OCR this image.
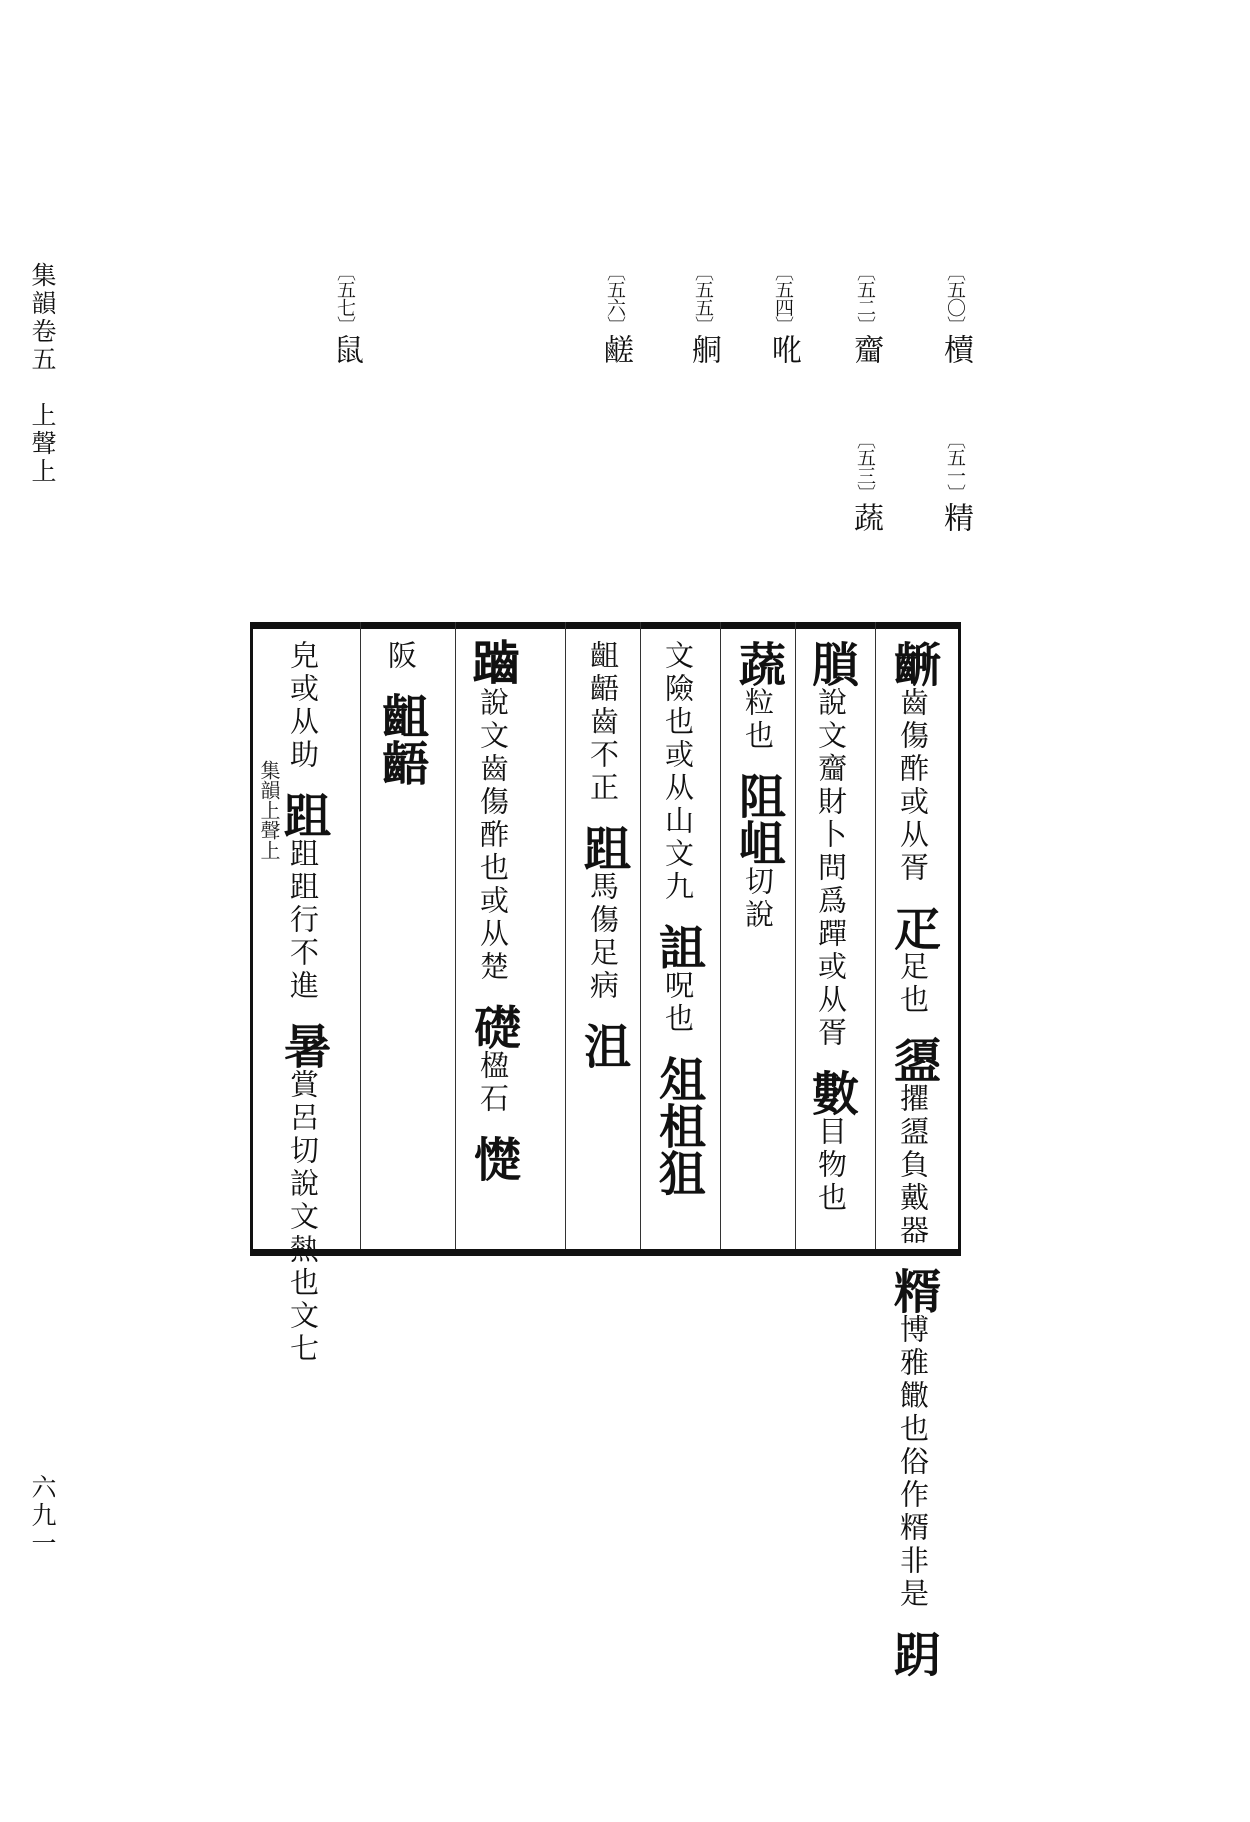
集韻卷五　上聲上
六九一
〔五〇〕櫝
〔五一〕精
〔五二〕齏
〔五三〕蔬
〔五四〕吪
〔五五〕𦨴
〔五六〕鹺
〔五七〕鼠
齭齒傷酢或从胥 疋足也 盨㩴盨負戴器 糈博雅饊也俗作糈非是 跀
䐝說文齏財卜問爲䠤或从胥 數目物也
蔬粒也 阻岨切說
文險也或从山文九 詛呪也 俎柤狙
齟齬齒不正 跙馬傷足病 沮
𪘏說文齒傷酢也或从楚 礎楹石 憷
阪 齟齬
皃或从助 跙跙跙行不進 暑賞呂切說文熱也文七
集韻上聲上
